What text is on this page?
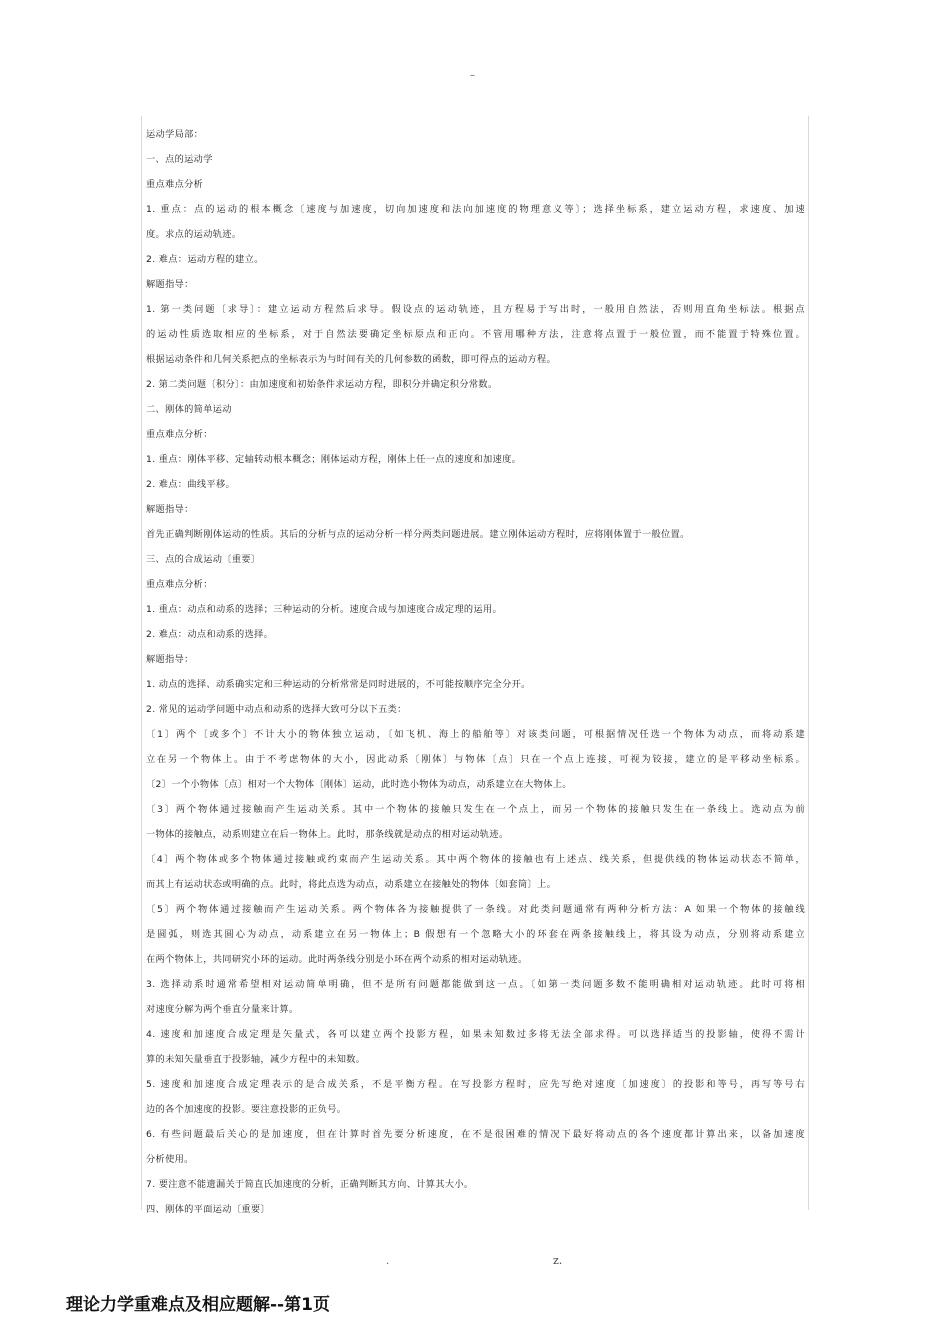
–
运动学局部：
一、点的运动学
重点难点分析
1. 重点：点的运动的根本概念〔速度与加速度，切向加速度和法向加速度的物理意义等〕；选择坐标系，建立运动方程，求速度、加速
度。求点的运动轨迹。
2. 难点：运动方程的建立。
解题指导：
1. 第一类问题〔求导〕：建立运动方程然后求导。假设点的运动轨迹，且方程易于写出时，一般用自然法，否则用直角坐标法。根据点
的运动性质选取相应的坐标系，对于自然法要确定坐标原点和正向。不管用哪种方法，注意将点置于一般位置，而不能置于特殊位置。
根据运动条件和几何关系把点的坐标表示为与时间有关的几何参数的函数，即可得点的运动方程。
2. 第二类问题〔积分〕：由加速度和初始条件求运动方程，即积分并确定积分常数。
二、刚体的简单运动
重点难点分析：
1. 重点：刚体平移、定轴转动根本概念；刚体运动方程，刚体上任一点的速度和加速度。
2. 难点：曲线平移。
解题指导：
首先正确判断刚体运动的性质。其后的分析与点的运动分析一样分两类问题进展。建立刚体运动方程时，应将刚体置于一般位置。
三、点的合成运动〔重要〕
重点难点分析：
1. 重点：动点和动系的选择；三种运动的分析。速度合成与加速度合成定理的运用。
2. 难点：动点和动系的选择。
解题指导：
1. 动点的选择、动系确实定和三种运动的分析常常是同时进展的，不可能按顺序完全分开。
2. 常见的运动学问题中动点和动系的选择大致可分以下五类：
〔1〕两个〔或多个〕不计大小的物体独立运动，〔如飞机、海上的船舶等〕对该类问题，可根据情况任选一个物体为动点，而将动系建
立在另一个物体上。由于不考虑物体的大小，因此动系〔刚体〕与物体〔点〕只在一个点上连接，可视为铰接，建立的是平移动坐标系。
〔2〕一个小物体〔点〕相对一个大物体〔刚体〕运动，此时选小物体为动点，动系建立在大物体上。
〔3〕两个物体通过接触而产生运动关系。其中一个物体的接触只发生在一个点上，而另一个物体的接触只发生在一条线上。选动点为前
一物体的接触点，动系则建立在后一物体上。此时，那条线就是动点的相对运动轨迹。
〔4〕两个物体或多个物体通过接触或约束而产生运动关系。其中两个物体的接触也有上述点、线关系，但提供线的物体运动状态不简单，
而其上有运动状态或明确的点。此时，将此点选为动点，动系建立在接触处的物体〔如套筒〕上。
〔5〕两个物体通过接触而产生运动关系。两个物体各为接触提供了一条线。对此类问题通常有两种分析方法：A 如果一个物体的接触线
是圆弧，则选其圆心为动点，动系建立在另一物体上；B 假想有一个忽略大小的环套在两条接触线上，将其设为动点，分别将动系建立
在两个物体上，共同研究小环的运动。此时两条线分别是小环在两个动系的相对运动轨迹。
3. 选择动系时通常希望相对运动简单明确，但不是所有问题都能做到这一点。〔如第一类问题多数不能明确相对运动轨迹。此时可将相
对速度分解为两个垂直分量来计算。
4. 速度和加速度合成定理是矢量式，各可以建立两个投影方程，如果未知数过多将无法全部求得。可以选择适当的投影轴，使得不需计
算的未知矢量垂直于投影轴，减少方程中的未知数。
5. 速度和加速度合成定理表示的是合成关系，不是平衡方程。在写投影方程时，应先写绝对速度〔加速度〕的投影和等号，再写等号右
边的各个加速度的投影。要注意投影的正负号。
6. 有些问题最后关心的是加速度，但在计算时首先要分析速度，在不是很困难的情况下最好将动点的各个速度都计算出来，以备加速度
分析使用。
7. 要注意不能遗漏关于简直氏加速度的分析，正确判断其方向、计算其大小。
四、刚体的平面运动〔重要〕
.	z.
理论力学重难点及相应题解--第1页
